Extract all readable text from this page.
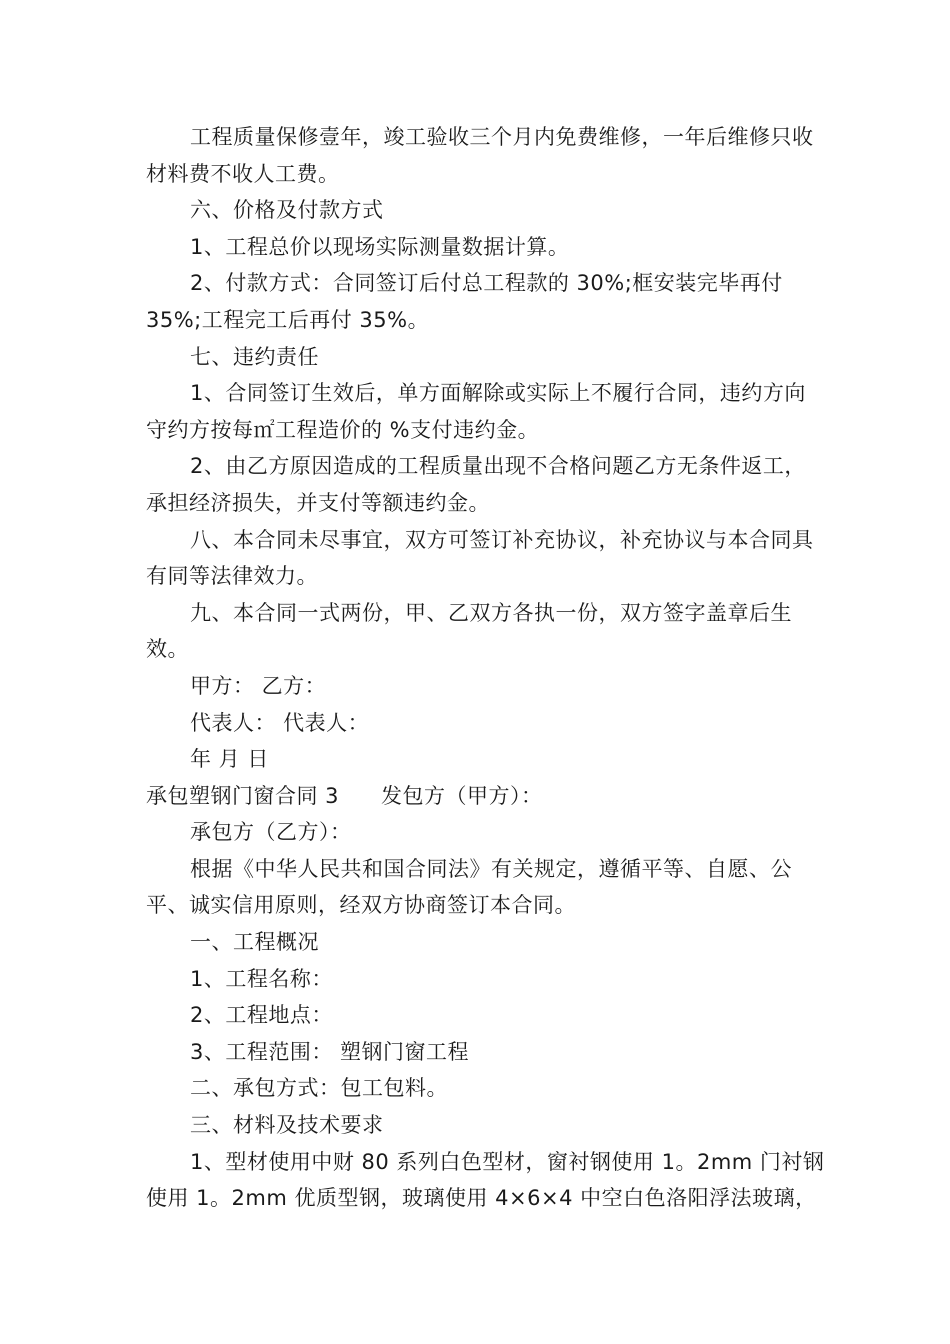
工程质量保修壹年，竣工验收三个月内免费维修，一年后维修只收材料费不收人工费。

六、价格及付款方式

1、工程总价以现场实际测量数据计算。

2、付款方式：合同签订后付总工程款的 30%;框安装完毕再付35%;工程完工后再付 35%。

七、违约责任

1、合同签订生效后，单方面解除或实际上不履行合同，违约方向守约方按每㎡工程造价的 %支付违约金。

2、由乙方原因造成的工程质量出现不合格问题乙方无条件返工，承担经济损失，并支付等额违约金。

八、本合同未尽事宜，双方可签订补充协议，补充协议与本合同具有同等法律效力。

九、本合同一式两份，甲、乙双方各执一份，双方签字盖章后生效。

甲方： 乙方：

代表人： 代表人：

年 月 日

承包塑钢门窗合同 3 发包方（甲方）：

承包方（乙方）：

根据《中华人民共和国合同法》有关规定，遵循平等、自愿、公平、诚实信用原则，经双方协商签订本合同。

一、工程概况

1、工程名称：

2、工程地点：

3、工程范围： 塑钢门窗工程

二、承包方式：包工包料。

三、材料及技术要求

1、型材使用中财 80 系列白色型材，窗衬钢使用 1。2mm 门衬钢使用 1。2mm 优质型钢，玻璃使用 4×6×4 中空白色洛阳浮法玻璃，
